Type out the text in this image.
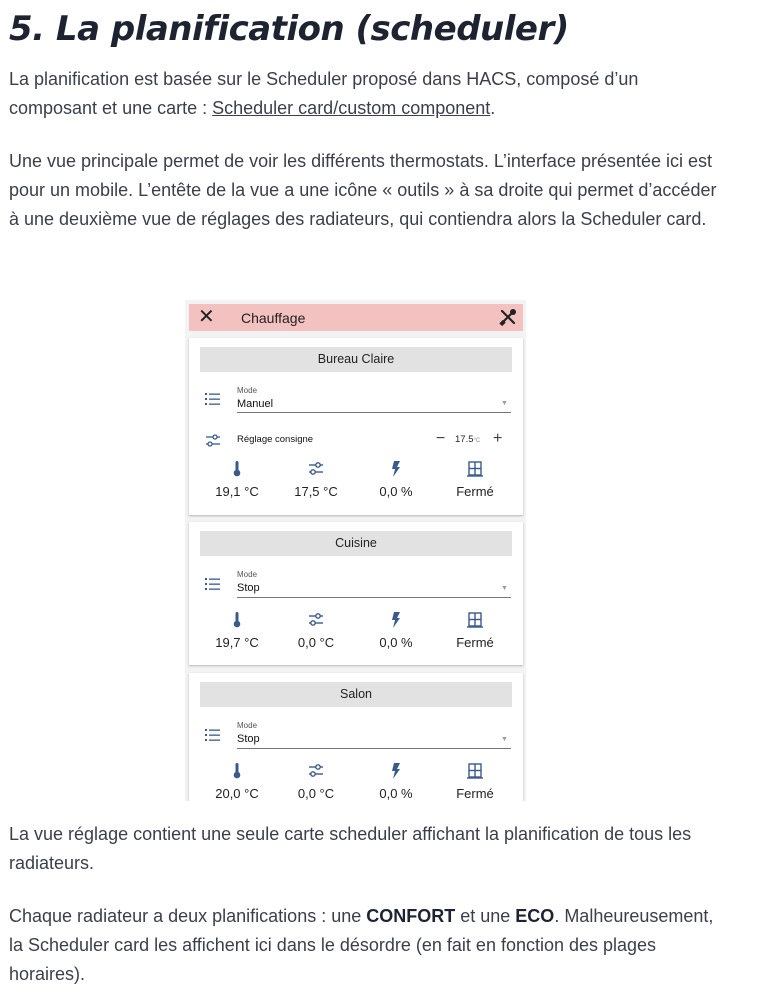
5. La planification (scheduler)

La planification est basée sur le Scheduler proposé dans HACS, composé d’un composant et une carte : Scheduler card/custom component.

Une vue principale permet de voir les différents thermostats. L’interface présentée ici est pour un mobile. L’entête de la vue a une icône « outils » à sa droite qui permet d’accéder à une deuxième vue de réglages des radiateurs, qui contiendra alors la Scheduler card.

✕ Chauffage
Bureau Claire
Mode
Manuel	▼
Réglage consigne	− 17.5°C +
19,1 °C	17,5 °C	0,0 %	Fermé
Cuisine
Mode
Stop	▼
19,7 °C	0,0 °C	0,0 %	Fermé
Salon
Mode
Stop	▼
20,0 °C	0,0 °C	0,0 %	Fermé

La vue réglage contient une seule carte scheduler affichant la planification de tous les radiateurs.

Chaque radiateur a deux planifications : une CONFORT et une ECO. Malheureusement, la Scheduler card les affichent ici dans le désordre (en fait en fonction des plages horaires).
